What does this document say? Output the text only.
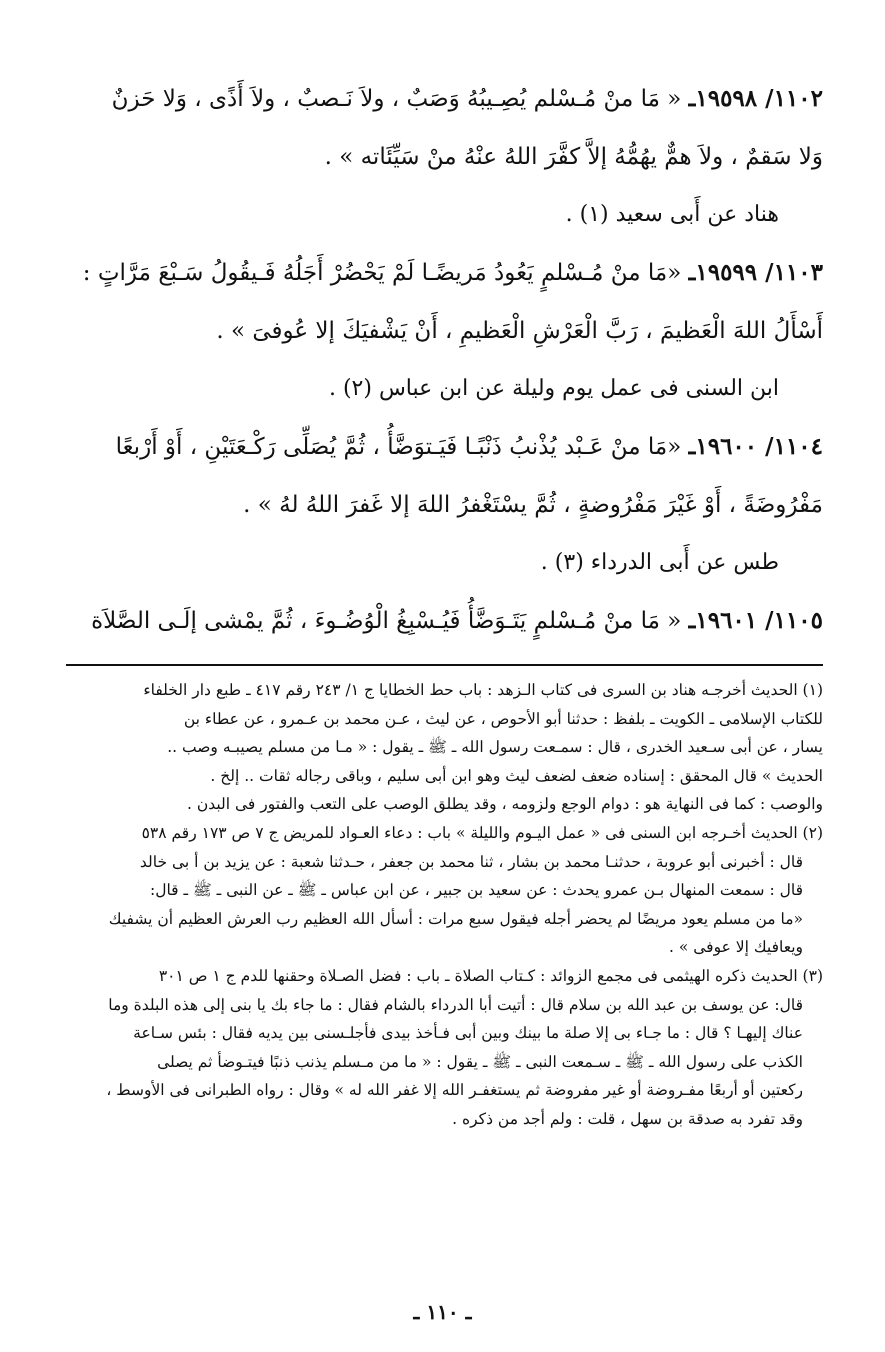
١١٠٢/ ١٩٥٩٨ـ « مَا منْ مُـسْلم يُصِـيبُهُ وَصَبٌ ، ولاَ نَـصبٌ ، ولاَ أَذًى ، وَلا حَزنٌ
وَلا سَقمٌ ، ولاَ همٌّ يهُمُّهُ إلاَّ كفَّرَ اللهُ عنْهُ منْ سَيِّئَاته » .
هناد عن أَبى سعيد (١) .
١١٠٣/ ١٩٥٩٩ـ «مَا منْ مُـسْلمٍ يَعُودُ مَريضًـا لَمْ يَحْضُرْ أَجَلُهُ فَـيقُولُ سَـبْعَ مَرَّاتٍ :
أَسْأَلُ اللهَ الْعَظيمَ ، رَبَّ الْعَرْشِ الْعَظيمِ ، أَنْ يَشْفيَكَ إلا عُوفىَ » .
ابن السنى فى عمل يوم وليلة عن ابن عباس (٢) .
١١٠٤/ ١٩٦٠٠ـ «مَا منْ عَـبْد يُذْنبُ ذَنْبًـا فَيَـتوَضَّأُ ، ثُمَّ يُصَلِّى رَكْـعَتَيْنِ ، أَوْ أَرْبعًا
مَفْرُوضَةً ، أَوْ غَيْرَ مَفْرُوضةٍ ، ثُمَّ يسْتَغْفرُ اللهَ إلا غَفرَ اللهُ لهُ » .
طس عن أَبى الدرداء (٣) .
١١٠٥/ ١٩٦٠١ـ « مَا منْ مُـسْلمٍ يَتَـوَضَّأُ فَيُـسْبِغُ الْوُضُـوءَ ، ثُمَّ يمْشى إلَـى الصَّلاَة
(١) الحديث أخرجـه هناد بن السرى فى كتاب الـزهد : باب حط الخطايا ج ١/ ٢٤٣ رقم ٤١٧ ـ طبع دار الخلفاء
للكتاب الإسلامى ـ الكويت ـ بلفظ : حدثنا أبو الأحوص ، عن ليث ، عـن محمد بن عـمرو ، عن عطاء بن
يسار ، عن أبى سـعيد الخدرى ، قال : سمـعت رسول الله ـ ﷺ ـ يقول : « مـا من مسلم يصيبـه وصب ..
الحديث » قال المحقق : إسناده ضعف لضعف ليث وهو ابن أبى سليم ، وباقى رجاله ثقات .. إلخ .
والوصب : كما فى النهاية هو : دوام الوجع ولزومه ، وقد يطلق الوصب على التعب والفتور فى البدن .
(٢) الحديث أخـرجه ابن السنى فى « عمل اليـوم والليلة » باب : دعاء العـواد للمريض ج ٧ ص ١٧٣ رقم ٥٣٨
قال : أخبرنى أبو عروبة ، حدثنـا محمد بن بشار ، ثنا محمد بن جعفر ، حـدثنا شعبة : عن يزيد بن أ بى خالد
قال : سمعت المنهال بـن عمرو يحدث : عن سعيد بن جبير ، عن ابن عباس ـ ﷺ ـ عن النبى ـ ﷺ ـ قال:
«ما من مسلم يعود مريضًا لم يحضر أجله فيقول سبع مرات : أسأل الله العظيم رب العرش العظيم أن يشفيك
ويعافيك إلا عوفى » .
(٣) الحديث ذكره الهيثمى فى مجمع الزوائد : كـتاب الصلاة ـ باب : فضل الصـلاة وحقنها للدم ج ١ ص ٣٠١
قال: عن يوسف بن عبد الله بن سلام قال : أتيت أبا الدرداء بالشام فقال : ما جاء بك يا بنى إلى هذه البلدة وما
عناك إليهـا ؟ قال : ما جـاء بى إلا صلة ما بينك وبين أبى فـأخذ بيدى فأجلـسنى بين يديه فقال : بئس سـاعة
الكذب على رسول الله ـ ﷺ ـ سـمعت النبى ـ ﷺ ـ يقول : « ما من مـسلم يذنب ذنبًا فيتـوضأ ثم يصلى
ركعتين أو أربعًا مفـروضة أو غير مفروضة ثم يستغفـر الله إلا غفر الله له » وقال : رواه الطبرانى فى الأوسط ،
وقد تفرد به صدقة بن سهل ، قلت : ولم أجد من ذكره .
ـ ١١٠ ـ
